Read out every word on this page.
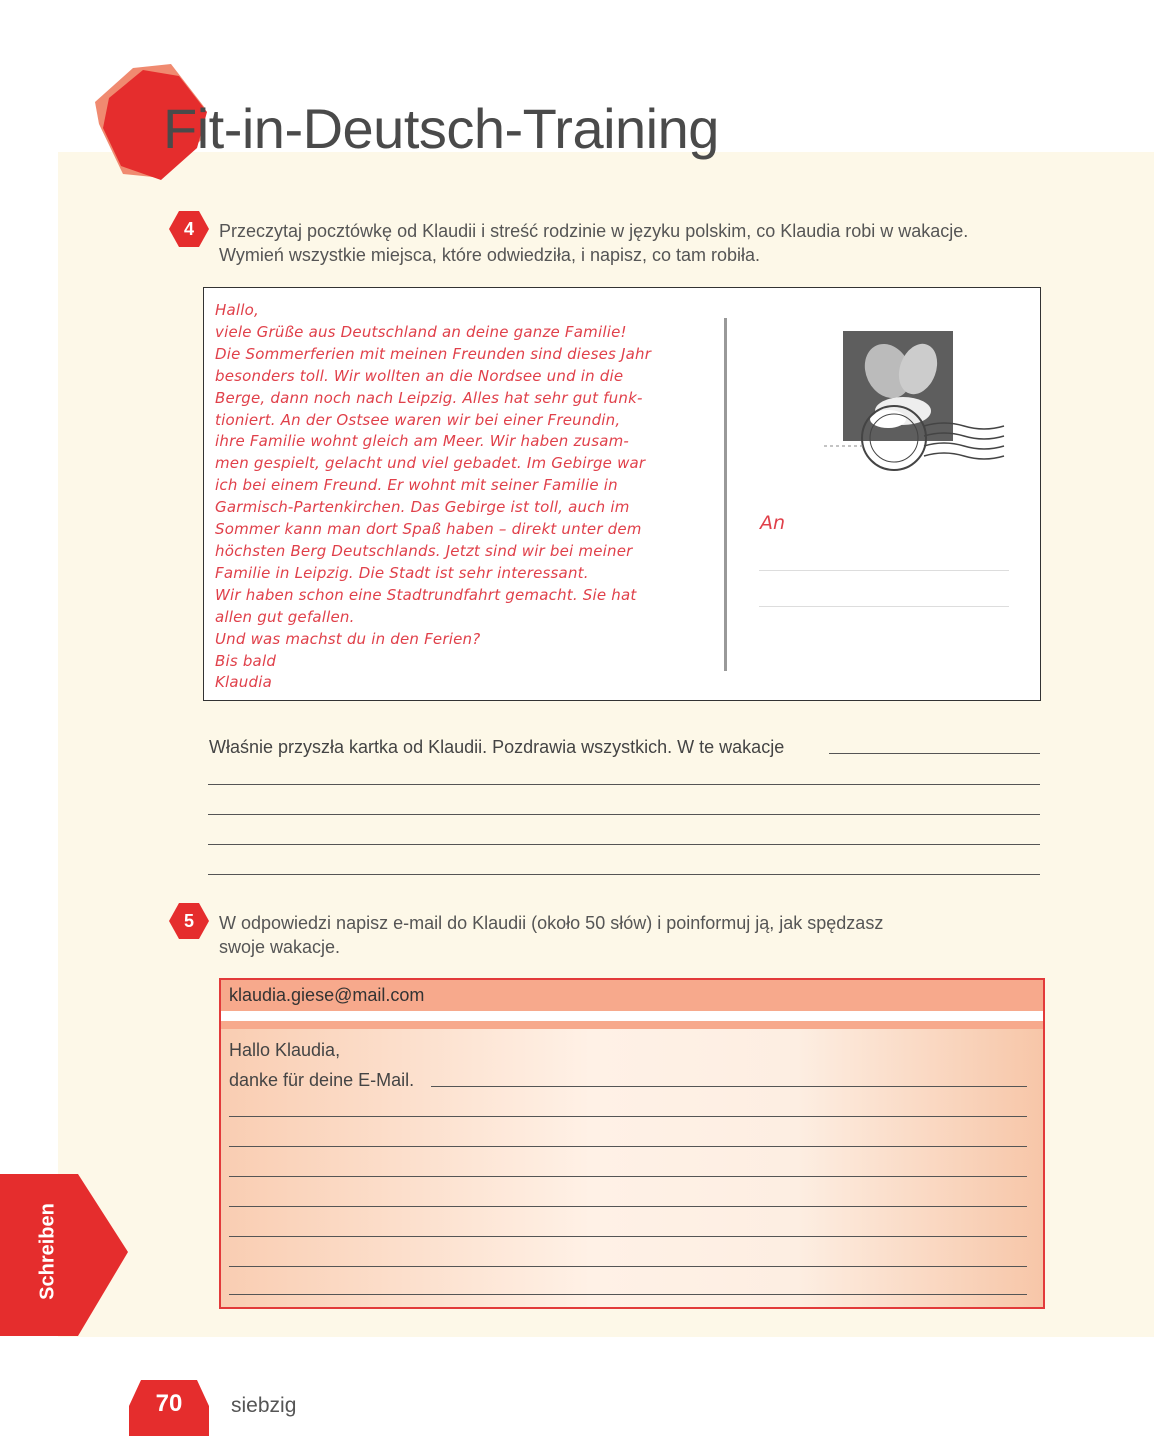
Fit-in-Deutsch-Training
4	Przeczytaj pocztówkę od Klaudii i streść rodzinie w języku polskim, co Klaudia robi w wakacje.
Wymień wszystkie miejsca, które odwiedziła, i napisz, co tam robiła.
Hallo,
viele Grüße aus Deutschland an deine ganze Familie!
Die Sommerferien mit meinen Freunden sind dieses Jahr
besonders toll. Wir wollten an die Nordsee und in die
Berge, dann noch nach Leipzig. Alles hat sehr gut funk-
tioniert. An der Ostsee waren wir bei einer Freundin,
ihre Familie wohnt gleich am Meer. Wir haben zusam-
men gespielt, gelacht und viel gebadet. Im Gebirge war
ich bei einem Freund. Er wohnt mit seiner Familie in
Garmisch-Partenkirchen. Das Gebirge ist toll, auch im
Sommer kann man dort Spaß haben – direkt unter dem
höchsten Berg Deutschlands. Jetzt sind wir bei meiner
Familie in Leipzig. Die Stadt ist sehr interessant.
Wir haben schon eine Stadtrundfahrt gemacht. Sie hat
allen gut gefallen.
Und was machst du in den Ferien?
Bis bald
Klaudia
An
Właśnie przyszła kartka od Klaudii. Pozdrawia wszystkich. W te wakacje
5	W odpowiedzi napisz e-mail do Klaudii (około 50 słów) i poinformuj ją, jak spędzasz
swoje wakacje.
klaudia.giese@mail.com
Hallo Klaudia,
danke für deine E-Mail.
Schreiben
70	siebzig
